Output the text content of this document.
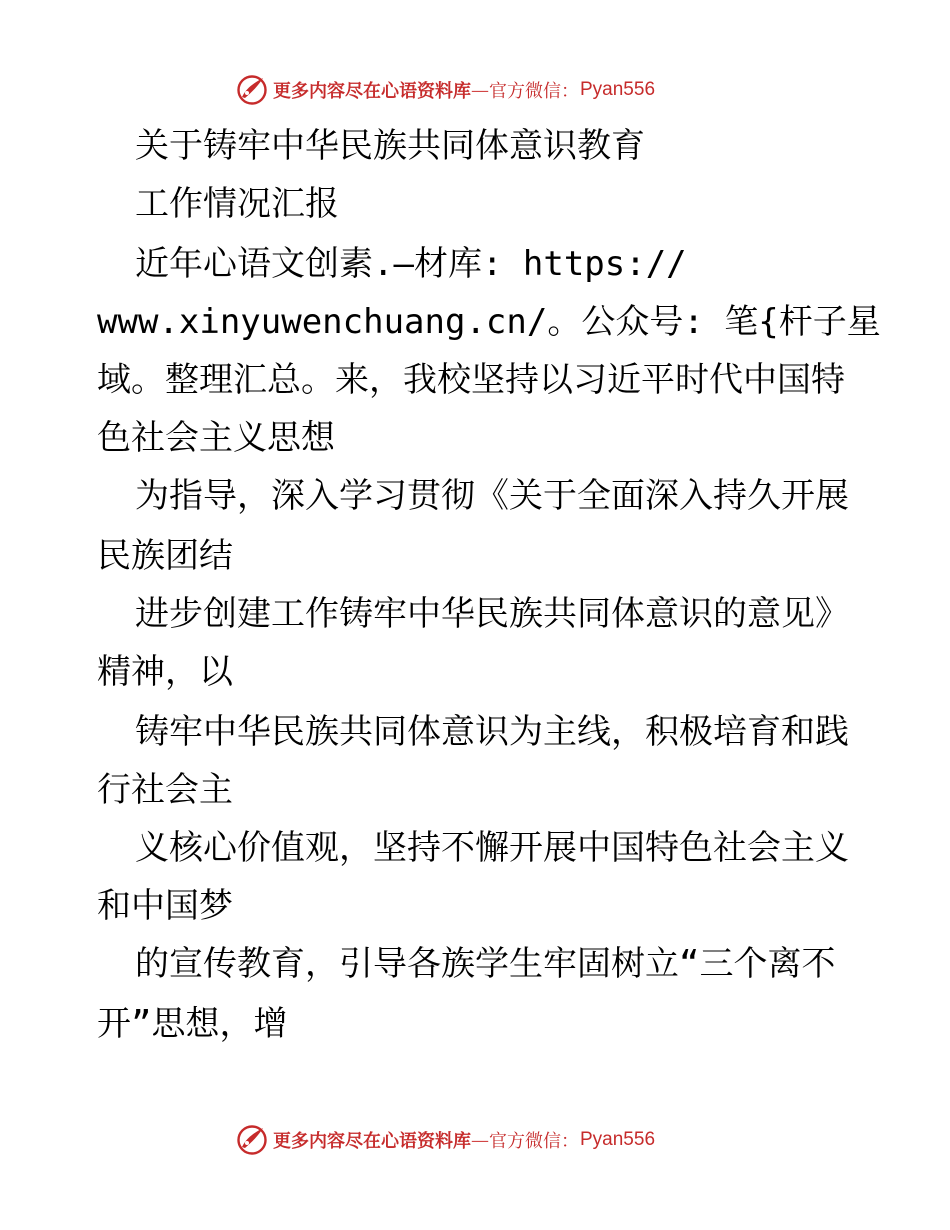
更多内容尽在心语资料库 — 官方微信： Pyan556
关于铸牢中华民族共同体意识教育
工作情况汇报
近年心语文创素.—材库: https://
www.xinyuwenchuang.cn/。公众号: 笔{杆子星
域。整理汇总。来，我校坚持以习近平时代中国特
色社会主义思想
为指导，深入学习贯彻《关于全面深入持久开展
民族团结
进步创建工作铸牢中华民族共同体意识的意见》
精神，以
铸牢中华民族共同体意识为主线，积极培育和践
行社会主
义核心价值观，坚持不懈开展中国特色社会主义
和中国梦
的宣传教育，引导各族学生牢固树立“三个离不
开”思想，增
更多内容尽在心语资料库 — 官方微信： Pyan556
